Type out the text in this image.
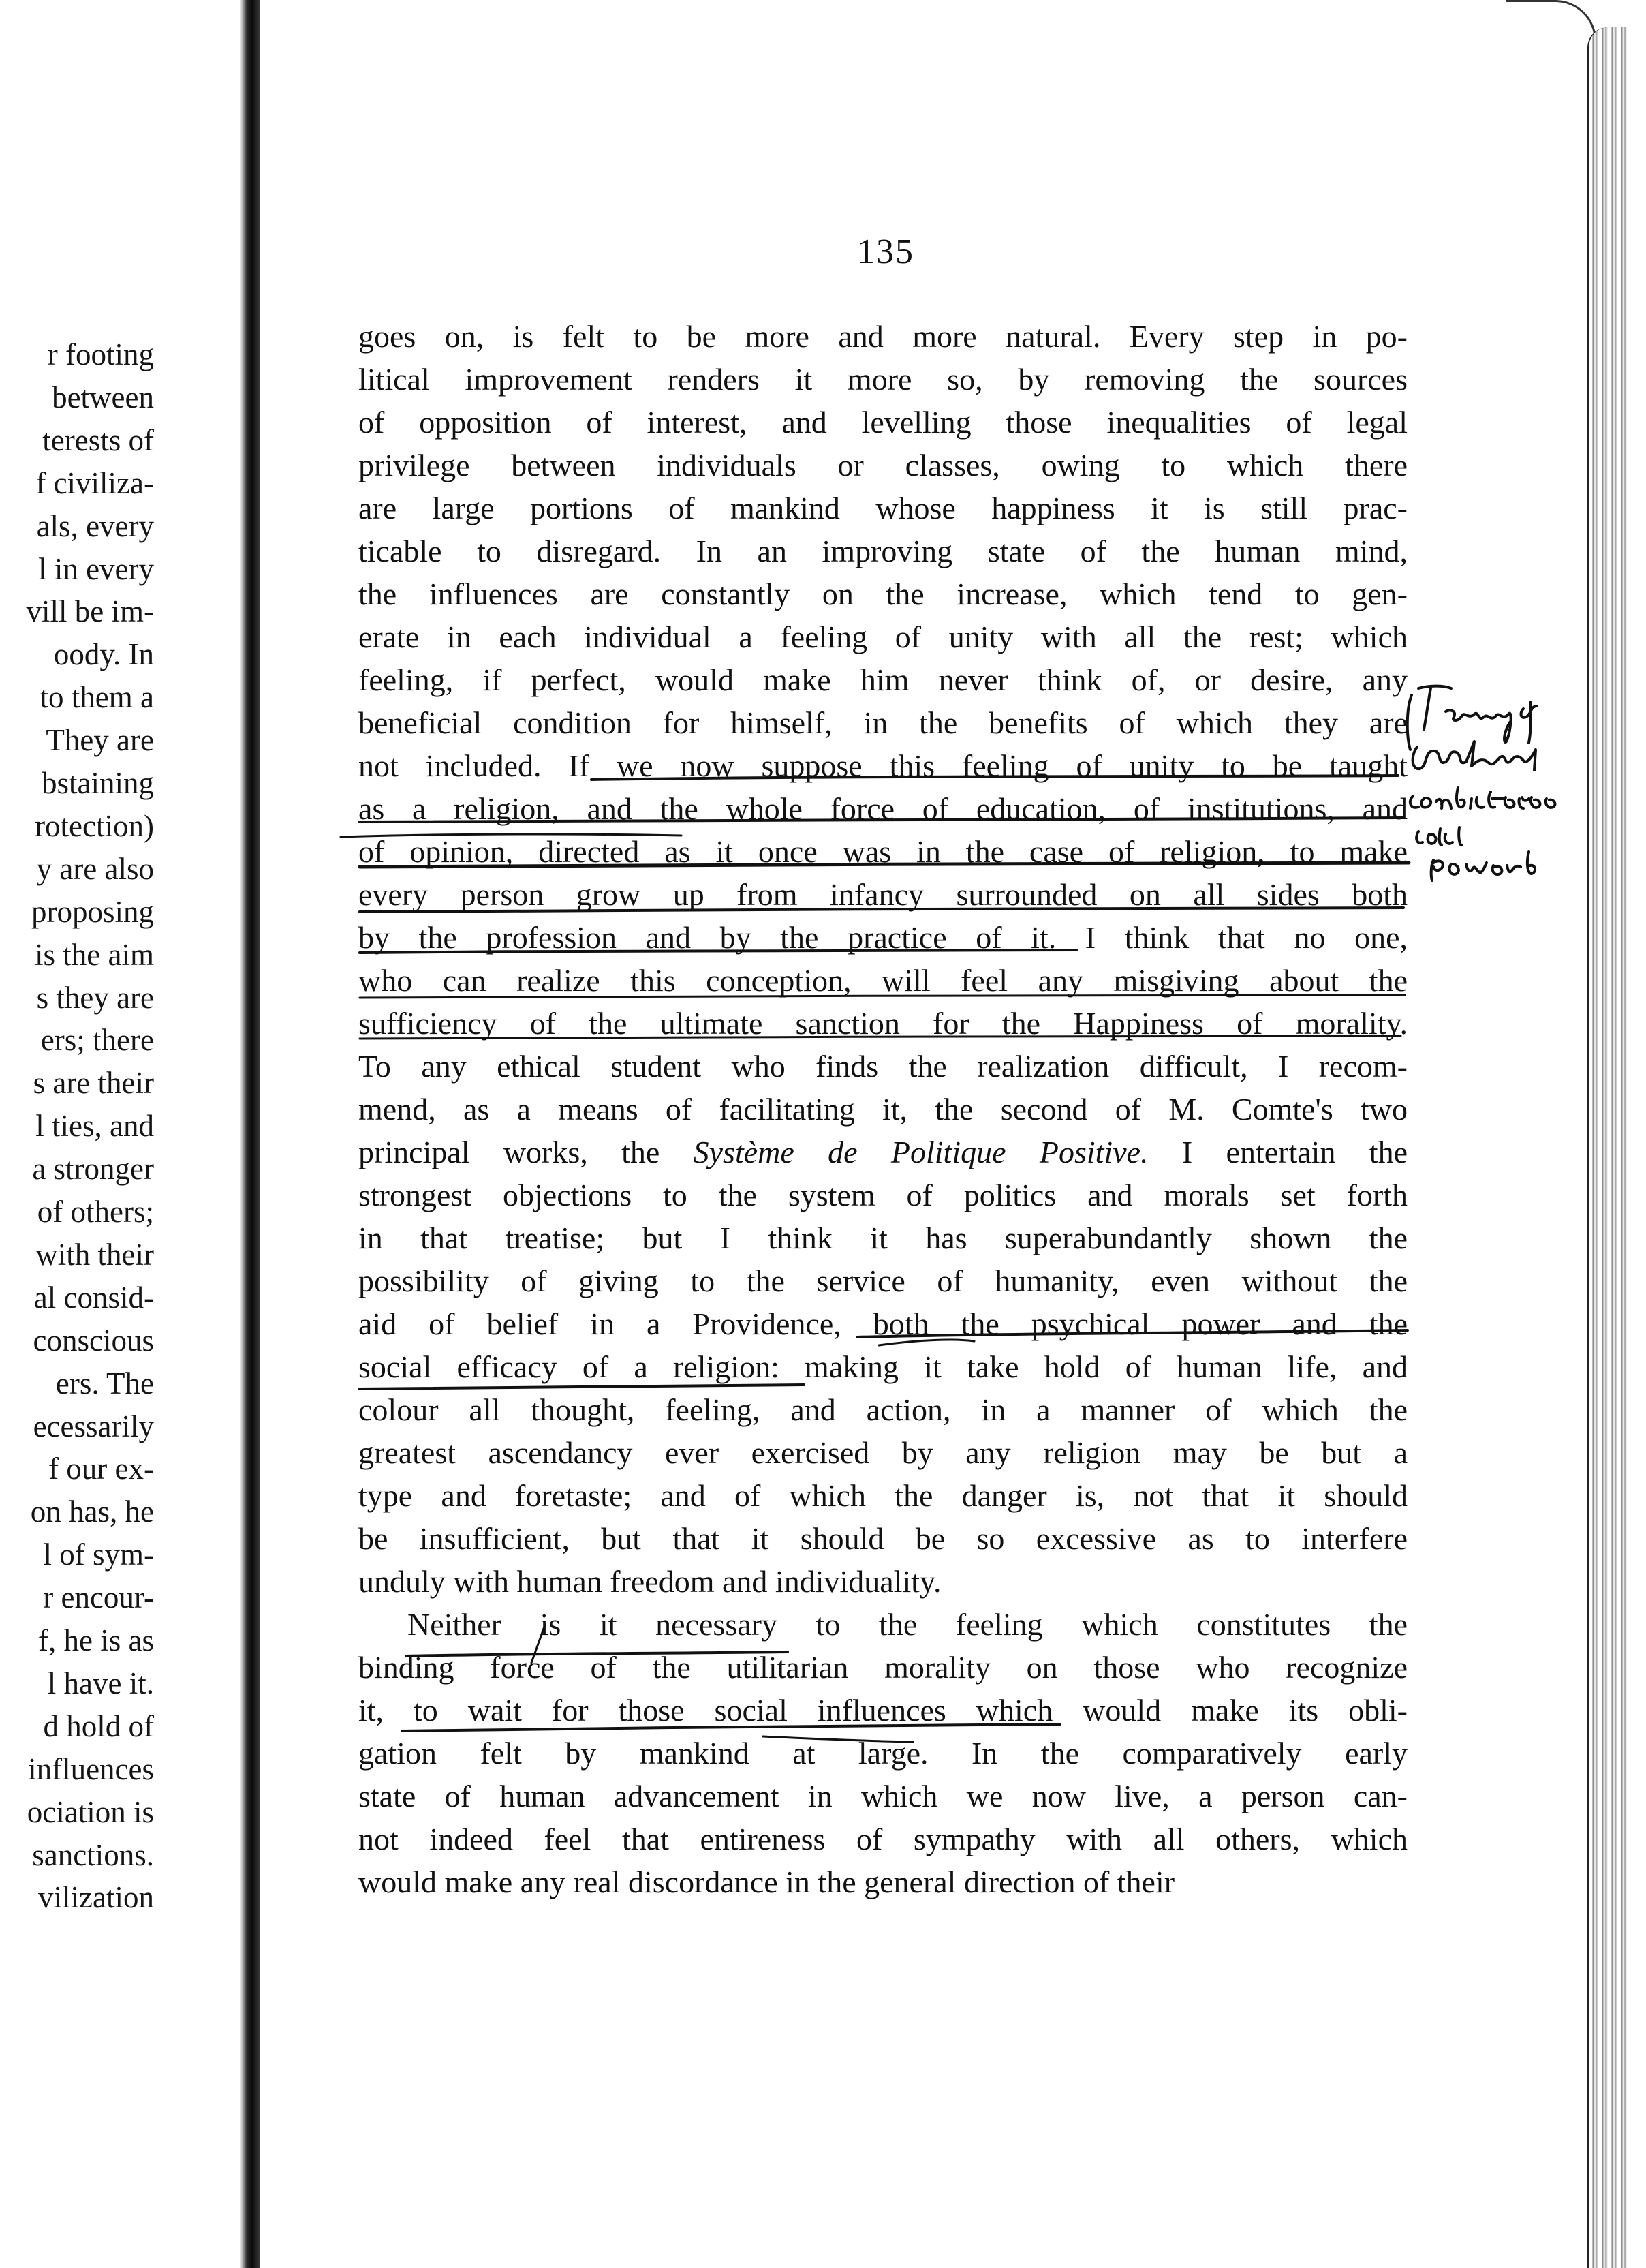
r footing
between
terests of
f civiliza-
als, every
l in every
vill be im-
oody. In
to them a
They are
bstaining
rotection)
y are also
proposing
is the aim
s they are
ers; there
s are their
l ties, and
a stronger
of others;
with their
al consid-
conscious
ers. The
ecessarily
f our ex-
on has, he
l of sym-
r encour-
f, he is as
l have it.
d hold of
influences
ociation is
sanctions.
vilization
135
goes on, is felt to be more and more natural. Every step in po-
litical improvement renders it more so, by removing the sources
of opposition of interest, and levelling those inequalities of legal
privilege between individuals or classes, owing to which there
are large portions of mankind whose happiness it is still prac-
ticable to disregard. In an improving state of the human mind,
the influences are constantly on the increase, which tend to gen-
erate in each individual a feeling of unity with all the rest; which
feeling, if perfect, would make him never think of, or desire, any
beneficial condition for himself, in the benefits of which they are
not included. If we now suppose this feeling of unity to be taught
as a religion, and the whole force of education, of institutions, and
of opinion, directed as it once was in the case of religion, to make
every person grow up from infancy surrounded on all sides both
by the profession and by the practice of it. I think that no one,
who can realize this conception, will feel any misgiving about the
sufficiency of the ultimate sanction for the Happiness of morality.
To any ethical student who finds the realization difficult, I recom-
mend, as a means of facilitating it, the second of M. Comte's two
principal works, the Système de Politique Positive. I entertain the
strongest objections to the system of politics and morals set forth
in that treatise; but I think it has superabundantly shown the
possibility of giving to the service of humanity, even without the
aid of belief in a Providence, both the psychical power and the
social efficacy of a religion: making it take hold of human life, and
colour all thought, feeling, and action, in a manner of which the
greatest ascendancy ever exercised by any religion may be but a
type and foretaste; and of which the danger is, not that it should
be insufficient, but that it should be so excessive as to interfere
unduly with human freedom and individuality.
Neither is it necessary to the feeling which constitutes the
binding force of the utilitarian morality on those who recognize
it, to wait for those social influences which would make its obli-
gation felt by mankind at large. In the comparatively early
state of human advancement in which we now live, a person can-
not indeed feel that entireness of sympathy with all others, which
would make any real discordance in the general direction of their
